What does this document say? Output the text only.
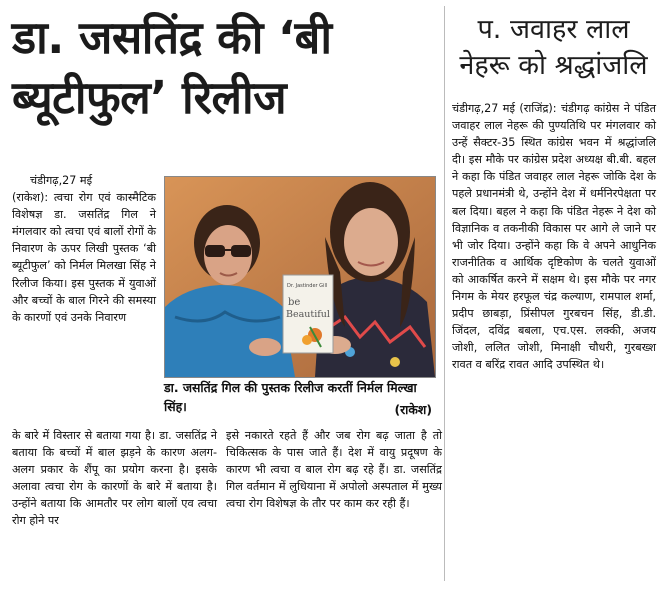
डा. जसतिंद्र की ‘बी
ब्यूटीफुल’ रिलीज
प. जवाहर लाल
नेहरू को श्रद्धांजलि
चंडीगढ़,27 मई

(राकेश): त्वचा रोग एवं कास्मैटिक विशेषज्ञ डा. जसतिंद्र गिल ने मंगलवार को त्वचा एवं बालों रोगों के निवारण के ऊपर लिखी पुस्तक ‘बी ब्यूटीफुल’ को निर्मल मिलखा सिंह ने रिलीज किया। इस पुस्तक में युवाओं और बच्चों के बाल गिरने की समस्या के कारणों एवं उनके निवारण

Dr. Jastinder Gill
be
Beautiful
डा. जसतिंद्र गिल की पुस्तक रिलीज करतीं निर्मल मिल्खा सिंह।	(राकेश)

के बारे में विस्तार से बताया गया है। डा. जसतिंद्र ने बताया कि बच्चों में बाल झड़ने के कारण अलग-अलग प्रकार के शैंपू का प्रयोग करना है। इसके अलावा त्वचा रोग के कारणों के बारे में बताया है। उन्होंने बताया कि आमतौर पर लोग बालों एव त्वचा रोग होने पर

इसे नकारते रहते हैं और जब रोग बढ़ जाता है तो चिकित्सक के पास जाते हैं। देश में वायु प्रदूषण के कारण भी त्वचा व बाल रोग बढ़ रहे हैं। डा. जसतिंद्र गिल वर्तमान में लुधियाना में अपोलो अस्पताल में मुख्य त्वचा रोग विशेषज्ञ के तौर पर काम कर रही हैं।

चंडीगढ़,27 मई (राजिंद्र): चंडीगढ़ कांग्रेस ने पंडित जवाहर लाल नेहरू की पुण्यतिथि पर मंगलवार को उन्हें सैक्टर-35 स्थित कांग्रेस भवन में श्रद्धांजलि दी। इस मौके पर कांग्रेस प्रदेश अध्यक्ष बी.बी. बहल ने कहा कि पंडित जवाहर लाल नेहरू जोकि देश के पहले प्रधानमंत्री थे, उन्होंने देश में धर्मनिरपेक्षता पर बल दिया। बहल ने कहा कि पंडित नेहरू ने देश को विज्ञानिक व तकनीकी विकास पर आगे ले जाने पर भी जोर दिया। उन्होंने कहा कि वे अपने आधुनिक राजनीतिक व आर्थिक दृष्टिकोण के चलते युवाओं को आकर्षित करने में सक्षम थे। इस मौके पर नगर निगम के मेयर हरफूल चंद्र कल्याण, रामपाल शर्मा, प्रदीप छाबड़ा, प्रिंसीपल गुरबचन सिंह, डी.डी. जिंदल, दविंद्र बबला, एच.एस. लक्की, अजय जोशी, ललित जोशी, मिनाक्षी चौधरी, गुरबख्श रावत व बरिंद्र रावत आदि उपस्थित थे।
